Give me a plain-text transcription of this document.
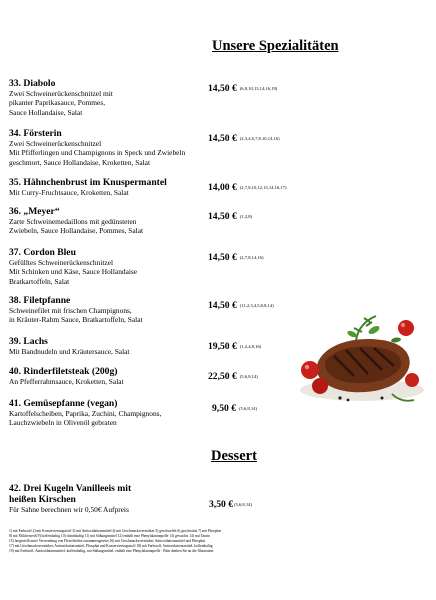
Unsere Spezialitäten
33. Diabolo	14,50 € (6,8,10,13,14,16,19)
Zwei Schweinerückenschnitzel mit
pikanter Paprikasauce, Pommes,
Sauce Hollandaise, Salat
34. Försterin	14,50 € (2,3,4,6,7,8,10,14,16)
Zwei Schweinerückenschnitzel
Mit Pfifferlingen und Champignons in Speck und Zwiebeln
geschmort, Sauce Hollandaise, Kroketten, Salat
35. Hähnchenbrust im Knuspermantel	14,00 € (2,7,8,10,12,13,14,16,17)
Mit Curry-Fruchtsauce, Kroketten, Salat
36. „Meyer“	14,50 € (1,2,8)
Zarte Schweinemedaillons mit gedünsteten
Zwiebeln, Sauce Hollandaise, Pommes, Salat
37. Cordon Bleu	14,50 € (2,7,8,14,16)
Gefülltes Schweinerückenschnitzel
Mit Schinken und Käse, Sauce Hollandaise
Bratkartoffeln, Salat
38. Filetpfanne	14,50 € (11,2,3,4,5,6,8,14)
Schweinefilet mit frischen Champignons,
in Kräuter-Rahm Sauce, Bratkartoffeln, Salat
39. Lachs	19,50 € (1,2,4,8,16)
Mit Bandnudeln und Kräutersauce, Salat
40. Rinderfiletsteak (200g)	22,50 € (5,6,8,14)
An Pfefferrahmsauce, Kroketten, Salat
41. Gemüsepfanne (vegan)	9,50 € (5,6,8,14)
Kartoffelscheiben, Paprika, Zuchini, Champignons,
Lauchzwiebeln in Olivenöl gebraten
Dessert
42. Drei Kugeln Vanilleeis mit
heißen Kirschen	3,50 €(5,6,8,14)
Für Sahne berechnen wir 0,50€ Aufpreis
1) mit Farbstoff 2) mit Konservierungsstoff 3) mit Antioxidationsmittel 4) mit Geschmacksverstärker 5) geschwefelt 6) geschwärzt 7) mit Phosphat
8) mit Milcheiweiß 9) koffeinhaltig 10) chininhaltig 11) mit Süßungsmittel 12) enthält eine Phenylalaninquelle 13) gewachst 14) mit Taurin
15) hergestellt unter Verwendung von Fleischteilen zusammengesetzt 16) mit Geschmacksverstärker, Antioxidationsmittel und Phosphat
17) mit Geschmacksverstärker, Antioxidationsmittel, Phosphat und Konservierungsstoff 18) mit Farbstoff, Antioxidationsmittel, koffeinhaltig
19) mit Farbstoff, Antioxidationsmittel, koffeinhaltig, mit Süßungsmittel, enthält eine Phenylalaninquelle · Bitte denken Sie an die Illustration
